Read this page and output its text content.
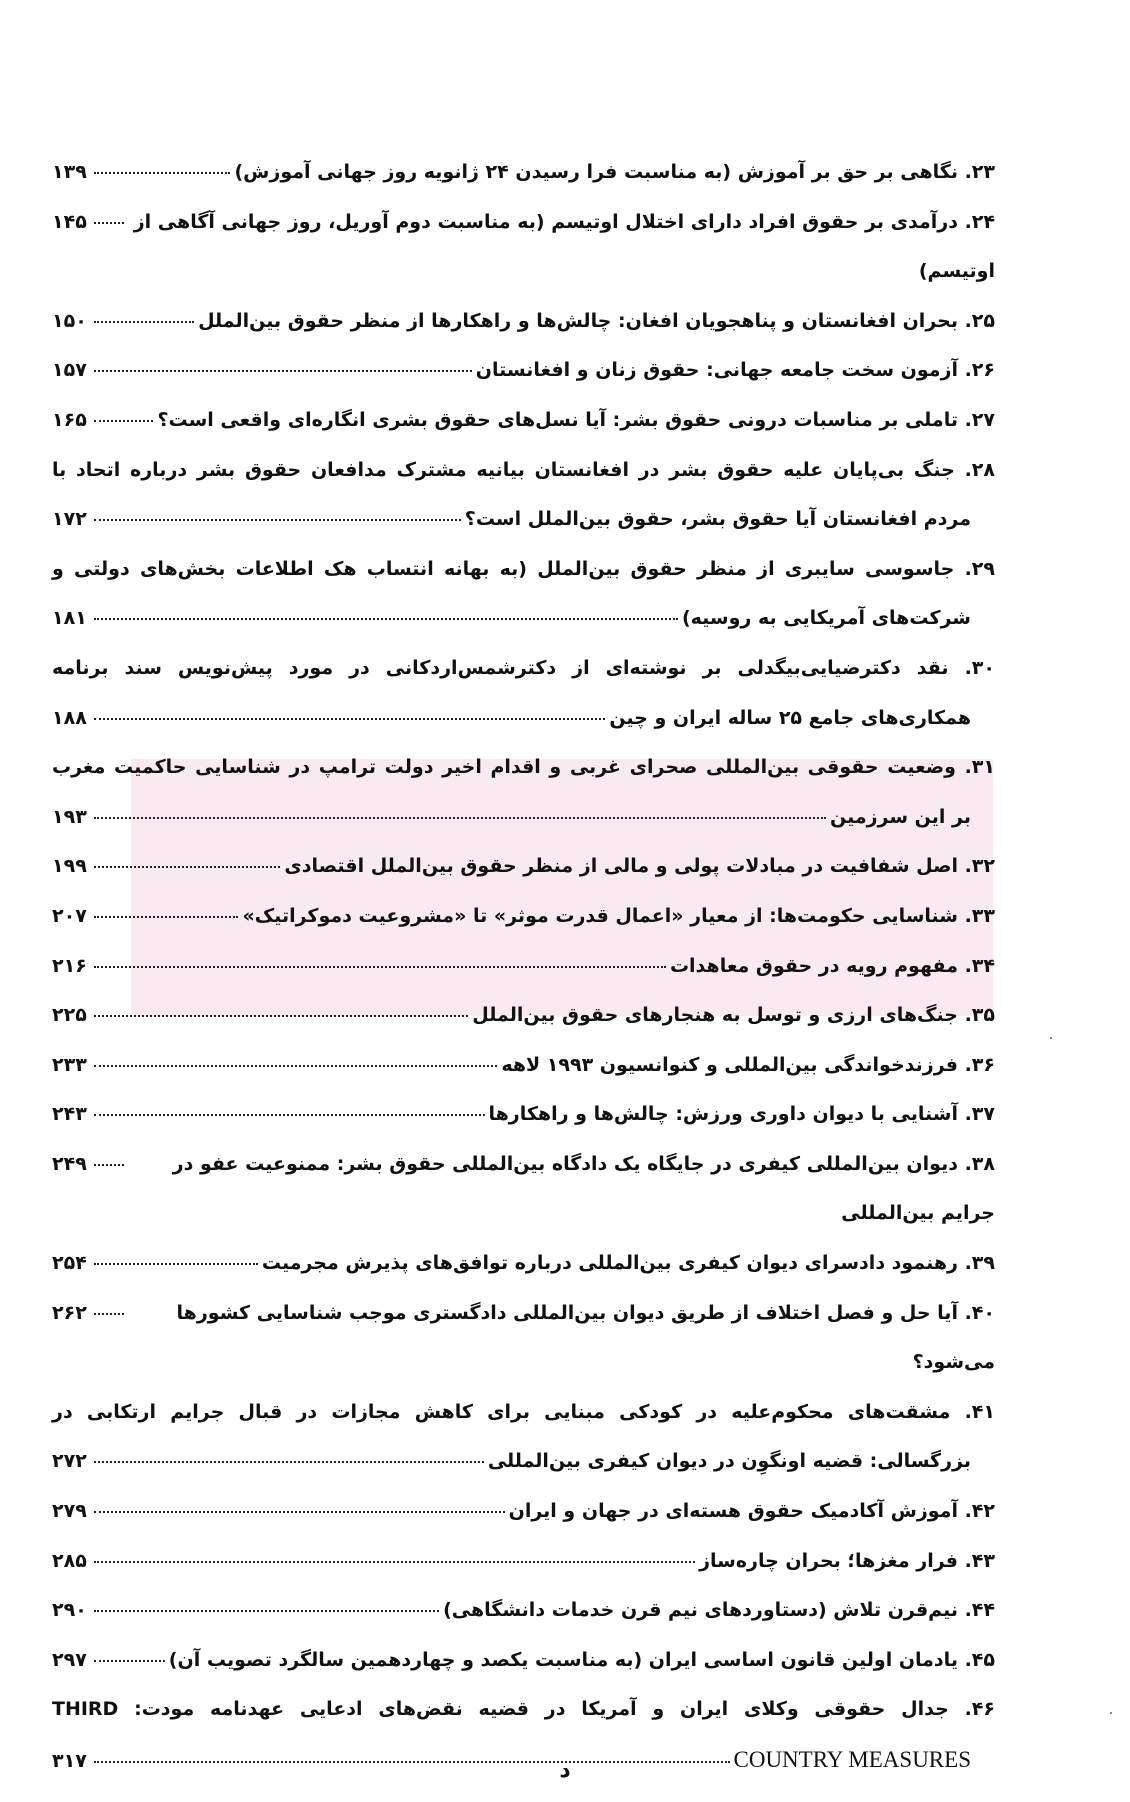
۲۳. نگاهی بر حق بر آموزش (به مناسبت فرا رسیدن ۲۴ ژانویه روز جهانی آموزش)
۱۳۹
۲۴. درآمدی بر حقوق افراد دارای اختلال اوتیسم (به مناسبت دوم آوریل، روز جهانی آگاهی از اوتیسم)
۱۴۵
۲۵. بحران افغانستان و پناهجویان افغان: چالش‌ها و راهکارها از منظر حقوق بین‌الملل
۱۵۰
۲۶. آزمون سخت جامعه جهانی: حقوق زنان و افغانستان
۱۵۷
۲۷. تاملی بر مناسبات درونی حقوق بشر: آیا نسل‌های حقوق بشری انگاره‌ای واقعی است؟
۱۶۵
۲۸. جنگ بی‌پایان علیه حقوق بشر در افغانستان بیانیه مشترک مدافعان حقوق بشر درباره اتحاد با
مردم افغانستان آیا حقوق بشر، حقوق بین‌الملل است؟
۱۷۲
۲۹. جاسوسی سایبری از منظر حقوق بین‌الملل (به بهانه انتساب هک اطلاعات بخش‌های دولتی و
شرکت‌های آمریکایی به روسیه)
۱۸۱
۳۰. نقد دکترضیایی‌بیگدلی بر نوشته‌ای از دکترشمس‌اردکانی در مورد پیش‌نویس سند برنامه
همکاری‌های جامع ۲۵ ساله ایران و چین
۱۸۸
۳۱. وضعیت حقوقی بین‌المللی صحرای غربی و اقدام اخیر دولت ترامپ در شناسایی حاکمیت مغرب
بر این سرزمین
۱۹۳
۳۲. اصل شفافیت در مبادلات پولی و مالی از منظر حقوق بین‌الملل اقتصادی
۱۹۹
۳۳. شناسایی حکومت‌ها: از معیار «اعمال قدرت موثر» تا «مشروعیت دموکراتیک»
۲۰۷
۳۴. مفهوم رویه در حقوق معاهدات
۲۱۶
۳۵. جنگ‌های ارزی و توسل به هنجارهای حقوق بین‌الملل
۲۲۵
۳۶. فرزندخواندگی بین‌المللی و کنوانسیون ۱۹۹۳ لاهه
۲۳۳
۳۷. آشنایی با دیوان داوری ورزش: چالش‌ها و راهکارها
۲۴۳
۳۸. دیوان بین‌المللی کیفری در جایگاه یک دادگاه بین‌المللی حقوق بشر: ممنوعیت عفو در جرایم بین‌المللی
۲۴۹
۳۹. رهنمود دادسرای دیوان کیفری بین‌المللی درباره توافق‌های پذیرش مجرمیت
۲۵۴
۴۰. آیا حل و فصل اختلاف از طریق دیوان بین‌المللی دادگستری موجب شناسایی کشورها می‌شود؟
۲۶۲
۴۱. مشقت‌های محکوم‌علیه در کودکی مبنایی برای کاهش مجازات در قبال جرایم ارتکابی در
بزرگسالی: قضیه اونگوِن در دیوان کیفری بین‌المللی
۲۷۲
۴۲. آموزش آکادمیک حقوق هسته‌ای در جهان و ایران
۲۷۹
۴۳. فرار مغزها؛ بحران چاره‌ساز
۲۸۵
۴۴. نیم‌قرن تلاش (دستاوردهای نیم قرن خدمات دانشگاهی)
۲۹۰
۴۵. یادمان اولین قانون اساسی ایران (به مناسبت یکصد و چهاردهمین سالگرد تصویب آن)
۲۹۷
۴۶. جدال حقوقی وکلای ایران و آمریکا در قضیه نقض‌های ادعایی عهدنامه مودت: THIRD
COUNTRY MEASURES
۳۱۷	د
